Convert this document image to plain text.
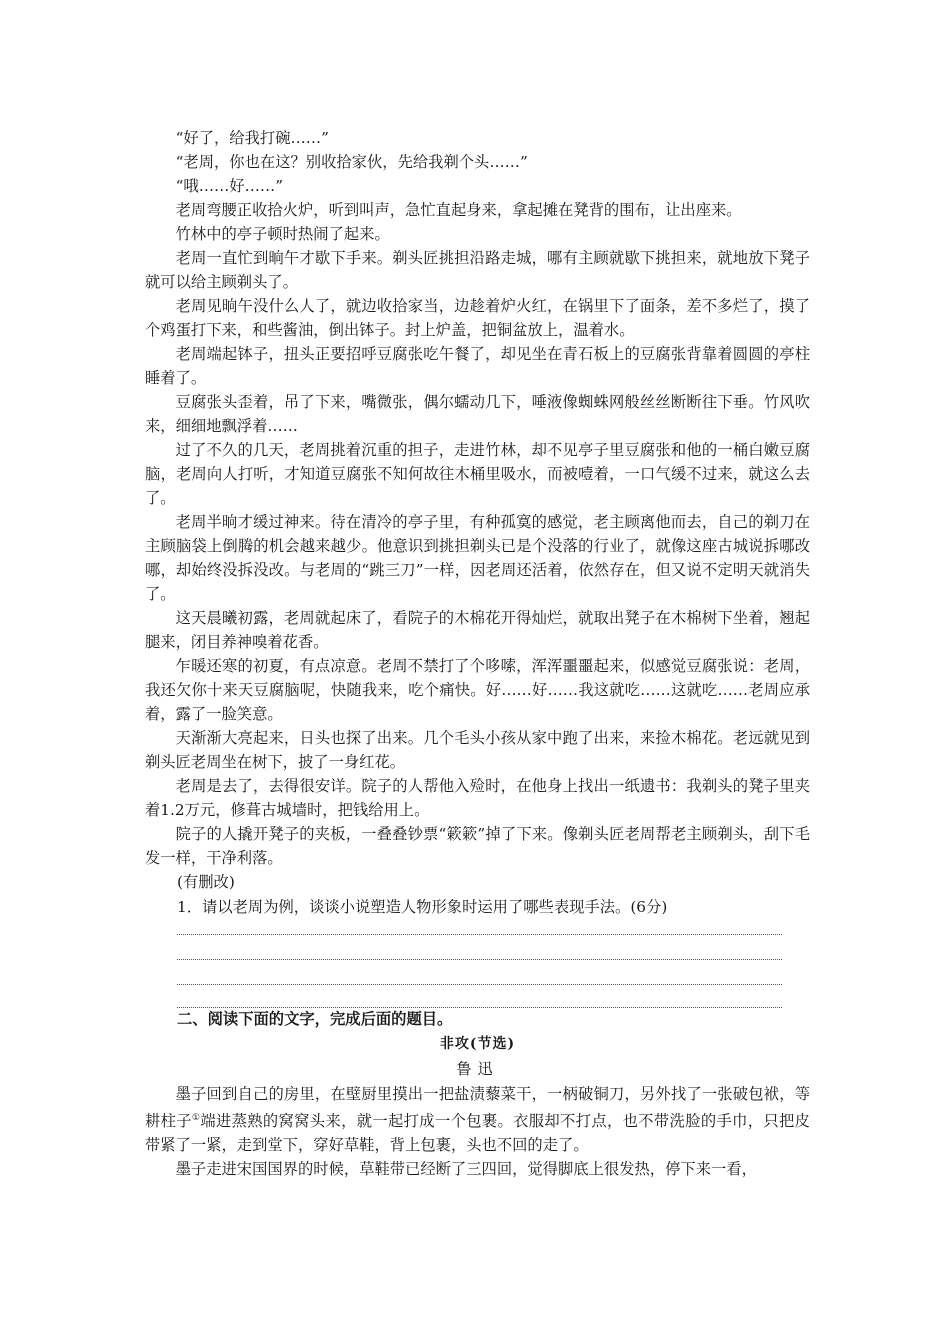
“好了，给我打碗……”

“老周，你也在这？别收拾家伙，先给我剃个头……”

“哦……好……”

老周弯腰正收拾火炉，听到叫声，急忙直起身来，拿起摊在凳背的围布，让出座来。

竹林中的亭子顿时热闹了起来。

老周一直忙到晌午才歇下手来。剃头匠挑担沿路走城，哪有主顾就歇下挑担来，就地放下凳子就可以给主顾剃头了。

老周见晌午没什么人了，就边收拾家当，边趁着炉火红，在锅里下了面条，差不多烂了，摸了个鸡蛋打下来，和些酱油，倒出钵子。封上炉盖，把铜盆放上，温着水。

老周端起钵子，扭头正要招呼豆腐张吃午餐了，却见坐在青石板上的豆腐张背靠着圆圆的亭柱睡着了。

豆腐张头歪着，吊了下来，嘴微张，偶尔蠕动几下，唾液像蜘蛛网般丝丝断断往下垂。竹风吹来，细细地飘浮着……

过了不久的几天，老周挑着沉重的担子，走进竹林，却不见亭子里豆腐张和他的一桶白嫩豆腐脑，老周向人打听，才知道豆腐张不知何故往木桶里吸水，而被噎着，一口气缓不过来，就这么去了。

老周半晌才缓过神来。待在清冷的亭子里，有种孤寞的感觉，老主顾离他而去，自己的剃刀在主顾脑袋上倒腾的机会越来越少。他意识到挑担剃头已是个没落的行业了，就像这座古城说拆哪改哪，却始终没拆没改。与老周的“跳三刀”一样，因老周还活着，依然存在，但又说不定明天就消失了。

这天晨曦初露，老周就起床了，看院子的木棉花开得灿烂，就取出凳子在木棉树下坐着，翘起腿来，闭目养神嗅着花香。

乍暖还寒的初夏，有点凉意。老周不禁打了个哆嗦，浑浑噩噩起来，似感觉豆腐张说：老周，我还欠你十来天豆腐脑呢，快随我来，吃个痛快。好……好……我这就吃……这就吃……老周应承着，露了一脸笑意。

天渐渐大亮起来，日头也探了出来。几个毛头小孩从家中跑了出来，来捡木棉花。老远就见到剃头匠老周坐在树下，披了一身红花。

老周是去了，去得很安详。院子的人帮他入殓时，在他身上找出一纸遗书：我剃头的凳子里夹着1.2万元，修葺古城墙时，把钱给用上。

院子的人撬开凳子的夹板，一叠叠钞票“簌簌”掉了下来。像剃头匠老周帮老主顾剃头，刮下毛发一样，干净利落。

(有删改)

1．请以老周为例，谈谈小说塑造人物形象时运用了哪些表现手法。(6分)

二、阅读下面的文字，完成后面的题目。

非攻(节选)

鲁迅

墨子回到自己的房里，在壁厨里摸出一把盐渍藜菜干，一柄破铜刀，另外找了一张破包袱，等耕柱子①端进蒸熟的窝窝头来，就一起打成一个包裹。衣服却不打点，也不带洗脸的手巾，只把皮带紧了一紧，走到堂下，穿好草鞋，背上包裹，头也不回的走了。

墨子走进宋国国界的时候，草鞋带已经断了三四回，觉得脚底上很发热，停下来一看，
